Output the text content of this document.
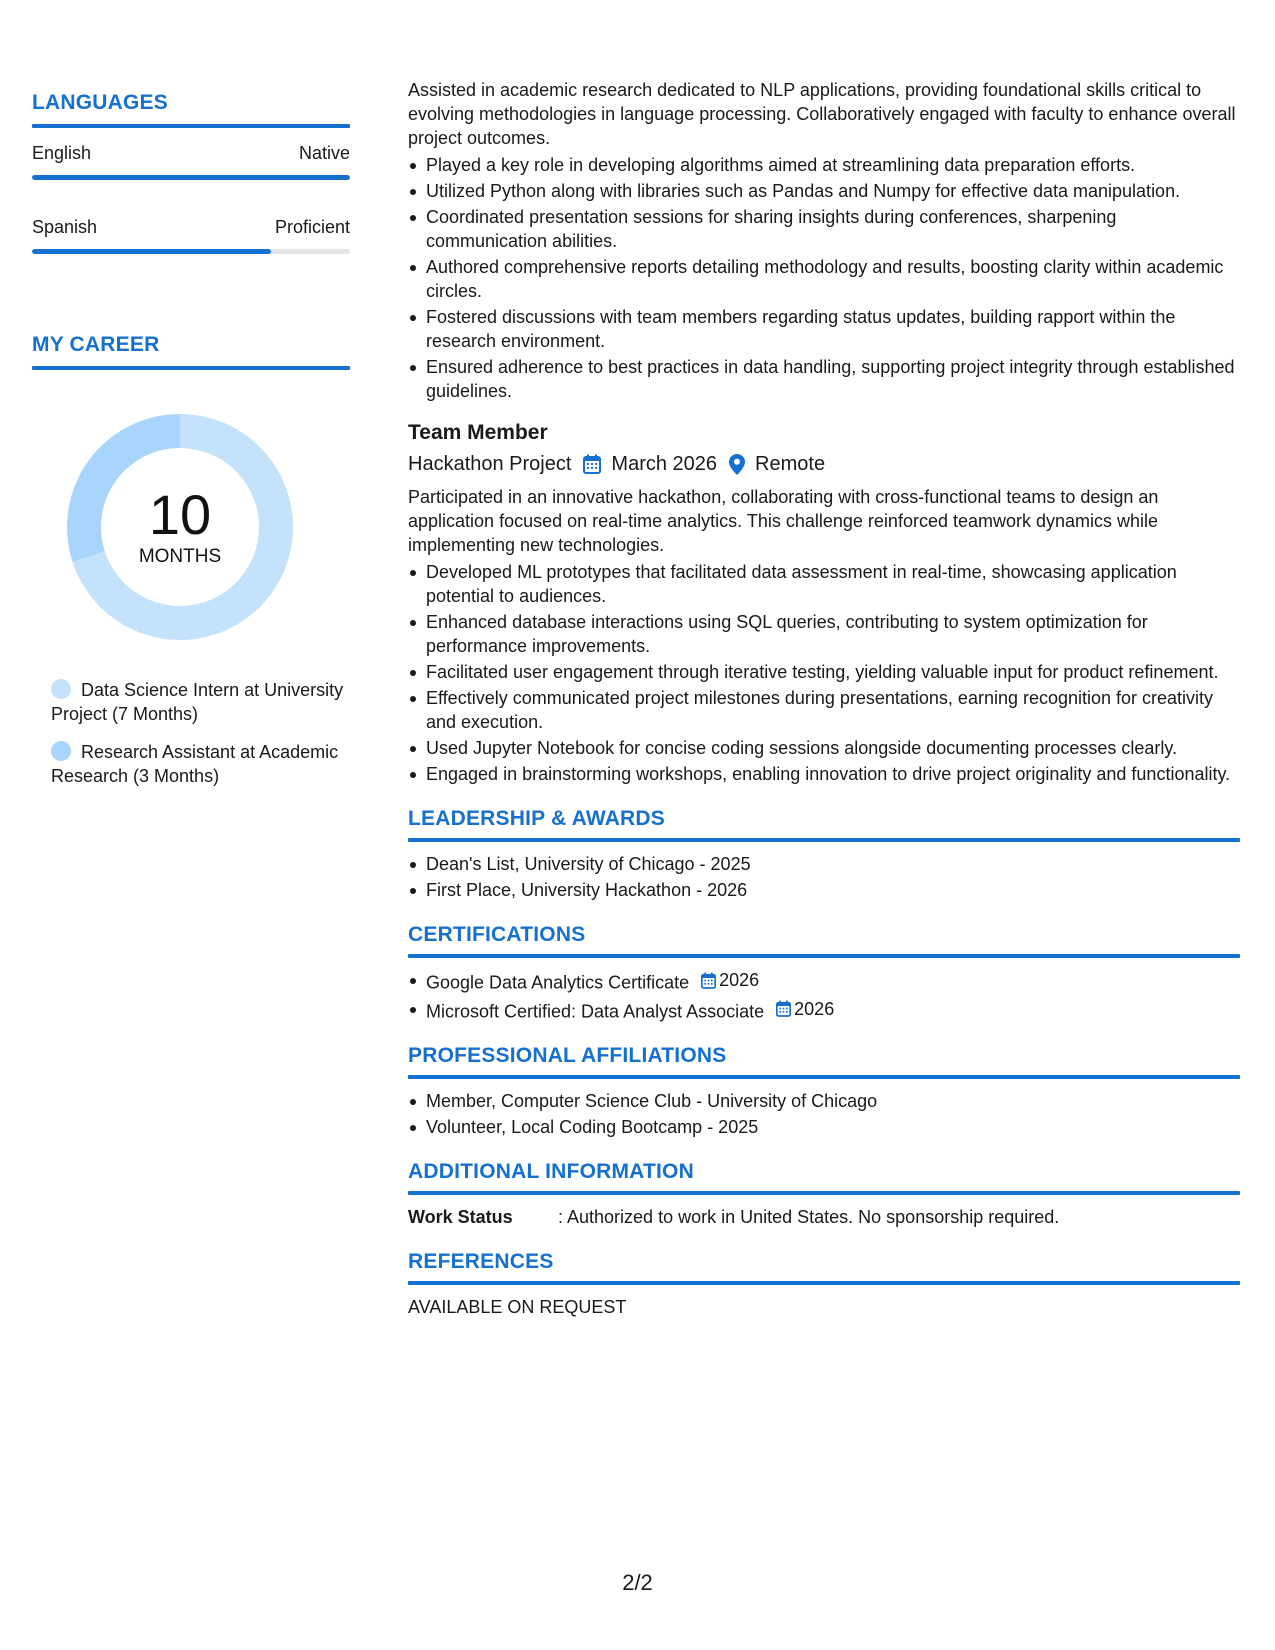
LANGUAGES
English	Native
Spanish	Proficient
MY CAREER
10
MONTHS
Data Science Intern at University Project (7 Months)
Research Assistant at Academic Research (3 Months)

Assisted in academic research dedicated to NLP applications, providing foundational skills critical to evolving methodologies in language processing. Collaboratively engaged with faculty to enhance overall project outcomes.

Played a key role in developing algorithms aimed at streamlining data preparation efforts.
Utilized Python along with libraries such as Pandas and Numpy for effective data manipulation.
Coordinated presentation sessions for sharing insights during conferences, sharpening communication abilities.
Authored comprehensive reports detailing methodology and results, boosting clarity within academic circles.
Fostered discussions with team members regarding status updates, building rapport within the research environment.
Ensured adherence to best practices in data handling, supporting project integrity through established guidelines.
Team Member
Hackathon Project March 2026 Remote

Participated in an innovative hackathon, collaborating with cross-functional teams to design an application focused on real-time analytics. This challenge reinforced teamwork dynamics while implementing new technologies.

Developed ML prototypes that facilitated data assessment in real-time, showcasing application potential to audiences.
Enhanced database interactions using SQL queries, contributing to system optimization for performance improvements.
Facilitated user engagement through iterative testing, yielding valuable input for product refinement.
Effectively communicated project milestones during presentations, earning recognition for creativity and execution.
Used Jupyter Notebook for concise coding sessions alongside documenting processes clearly.
Engaged in brainstorming workshops, enabling innovation to drive project originality and functionality.
LEADERSHIP & AWARDS
Dean's List, University of Chicago - 2025
First Place, University Hackathon - 2026
CERTIFICATIONS
Google Data Analytics Certificate 2026
Microsoft Certified: Data Analyst Associate 2026
PROFESSIONAL AFFILIATIONS
Member, Computer Science Club - University of Chicago
Volunteer, Local Coding Bootcamp - 2025
ADDITIONAL INFORMATION
Work Status	: Authorized to work in United States. No sponsorship required.
REFERENCES

AVAILABLE ON REQUEST

2/2
